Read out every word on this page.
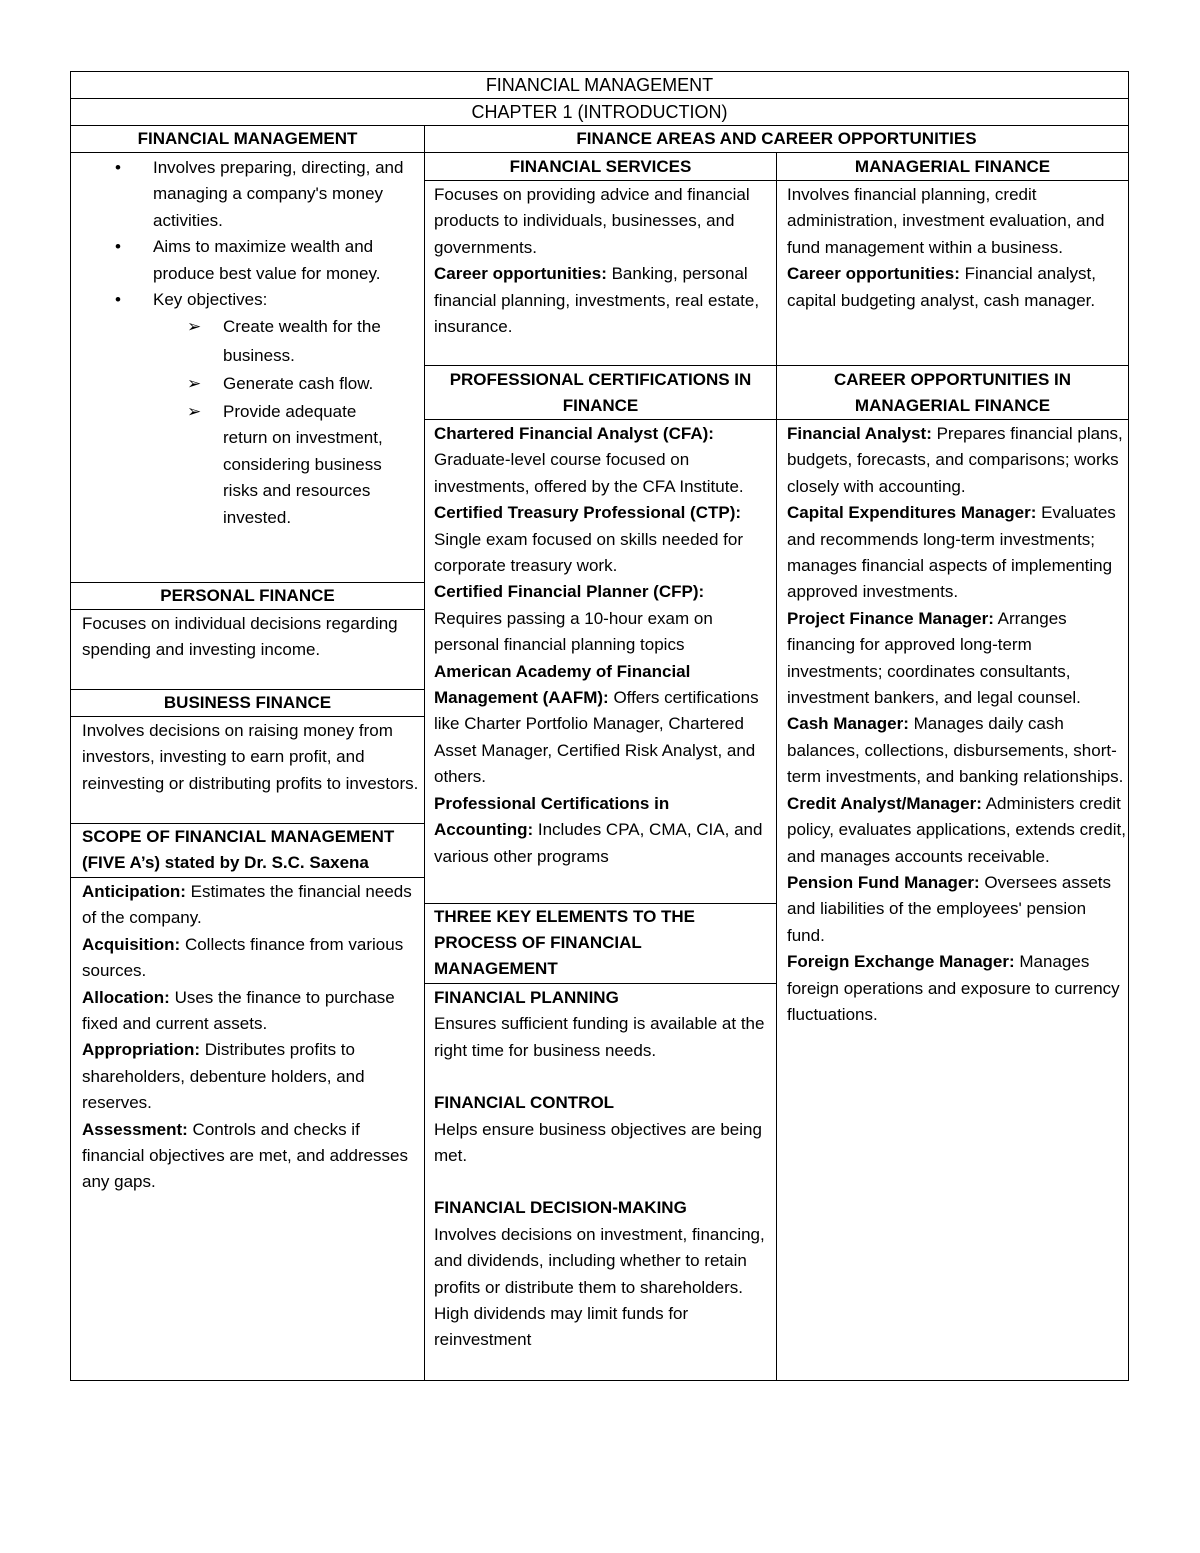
FINANCIAL MANAGEMENT
CHAPTER 1 (INTRODUCTION)
FINANCIAL MANAGEMENT	FINANCE AREAS AND CAREER OPPORTUNITIES
FINANCIAL SERVICES	MANAGERIAL FINANCE
• Involves preparing, directing, and managing a company's money activities.
• Aims to maximize wealth and produce best value for money.
• Key objectives:
➢ Create wealth for the business.
➢ Generate cash flow.
➢ Provide adequate return on investment, considering business risks and resources invested.
PERSONAL FINANCE
Focuses on individual decisions regarding spending and investing income.
BUSINESS FINANCE
Involves decisions on raising money from investors, investing to earn profit, and reinvesting or distributing profits to investors.
SCOPE OF FINANCIAL MANAGEMENT
(FIVE A’s) stated by Dr. S.C. Saxena

Anticipation: Estimates the financial needs of the company.

Acquisition: Collects finance from various sources.

Allocation: Uses the finance to purchase fixed and current assets.

Appropriation: Distributes profits to shareholders, debenture holders, and reserves.

Assessment: Controls and checks if financial objectives are met, and addresses any gaps.

Focuses on providing advice and financial products to individuals, businesses, and governments.

Career opportunities: Banking, personal financial planning, investments, real estate, insurance.

Involves financial planning, credit administration, investment evaluation, and fund management within a business.

Career opportunities: Financial analyst, capital budgeting analyst, cash manager.

PROFESSIONAL CERTIFICATIONS IN
FINANCE

Chartered Financial Analyst (CFA): Graduate-level course focused on investments, offered by the CFA Institute.

Certified Treasury Professional (CTP): Single exam focused on skills needed for corporate treasury work.

Certified Financial Planner (CFP): Requires passing a 10-hour exam on personal financial planning topics

American Academy of Financial Management (AAFM): Offers certifications like Charter Portfolio Manager, Chartered Asset Manager, Certified Risk Analyst, and others.

Professional Certifications in Accounting: Includes CPA, CMA, CIA, and various other programs

CAREER OPPORTUNITIES IN
MANAGERIAL FINANCE

Financial Analyst: Prepares financial plans, budgets, forecasts, and comparisons; works closely with accounting.

Capital Expenditures Manager: Evaluates and recommends long-term investments; manages financial aspects of implementing approved investments.

Project Finance Manager: Arranges financing for approved long-term investments; coordinates consultants, investment bankers, and legal counsel.

Cash Manager: Manages daily cash balances, collections, disbursements, short-term investments, and banking relationships.

Credit Analyst/Manager: Administers credit policy, evaluates applications, extends credit, and manages accounts receivable.

Pension Fund Manager: Oversees assets and liabilities of the employees' pension fund.

Foreign Exchange Manager: Manages foreign operations and exposure to currency fluctuations.

THREE KEY ELEMENTS TO THE
PROCESS OF FINANCIAL
MANAGEMENT
FINANCIAL PLANNING

Ensures sufficient funding is available at the right time for business needs.

FINANCIAL CONTROL

Helps ensure business objectives are being met.

FINANCIAL DECISION-MAKING

Involves decisions on investment, financing, and dividends, including whether to retain profits or distribute them to shareholders. High dividends may limit funds for reinvestment
